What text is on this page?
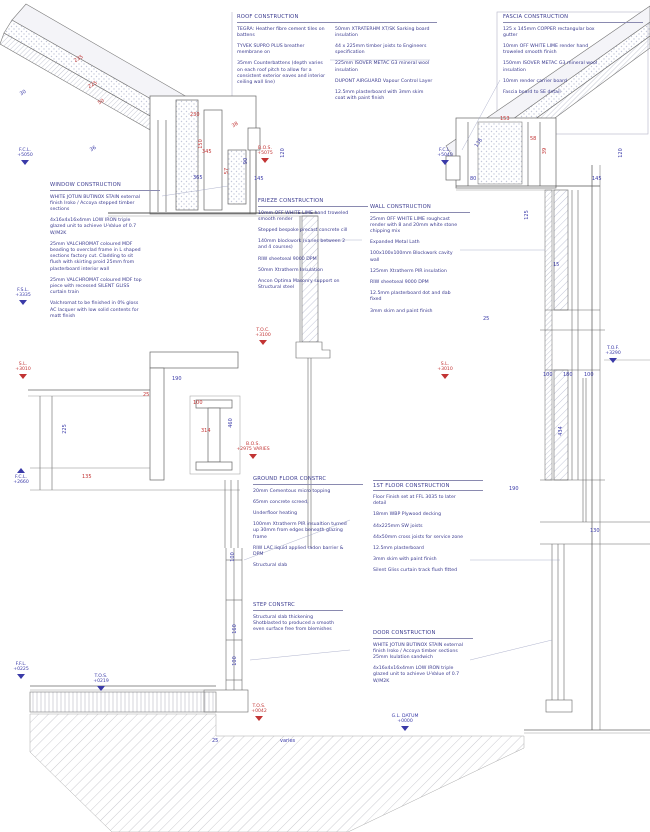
ROOF CONSTRUCTION

TEGRA: Heather fibre cement tiles on battens

TYVEK SUPRO PLUS breather membrane on

35mm Counterbattens (depth varies on each roof pitch to allow for a consistent exterior eaves and interior ceiling wall line)

50mm XTRATERHM XT/SK Sarking board insulation

44 x 225mm timber joists to Engineers specification

225mm ISOVER METAC G3 mineral wool insulation

DUPONT AIRGUARD Vapour Control Layer

12.5mm plasterboard with 3mm skim coat with paint finish

FASCIA CONSTRUCTION

125 x 145mm COPPER rectangular box gutter

10mm OFF WHITE LIME render hand troweled smooth finish

150mm ISOVER METAC G3 mineral wool insulation

10mm render carrier board

Fascia board to SE detail

WINDOW CONSTRUCTION

WHITE JOTUN BUTINOX STAIN external finish Iroko / Accoya stepped timber sections

4x16x4x16x4mm LOW IRON triple glazed unit to achieve U-Value of 0.7 W/M2K

25mm VALCHROMAT coloured MDF beading to overclad frame in L shaped sections factory cut. Cladding to sit flush with skirting proid 25mm from plasterboard interior wall

25mm VALCHROMAT coloured MDF top piece with recessed SILENT GLISS curtain train

Valchromat to be finished in 0% gloss AC lacquer with low solid contents for matt finish

FRIEZE CONSTRUCTION

10mm OFF WHITE LIME hand troweled smooth render

Stepped bespoke precast concrete cill

140mm blockwork (varies between 2 and 4 courses)

RIW sheetseal 9000 DPM

50mm Xtratherm Insulation

Ancon Optima Masonry support on Structural steel

WALL CONSTRUCTION

25mm OFF WHITE LIME roughcast render with 8 and 20mm white stone chipping mix

Expanded Metal Lath

100x100x100mm Blockwork cavity wall

125mm Xtratherm PIR insulation

RIW sheetseal 9000 DPM

12.5mm plasterboard dot and dab fixed

3mm skim and paint finish

GROUND FLOOR CONSTRC

20mm Cementous micro topping

65mm concrete screed,

Underfloor heating

100mm Xtratherm PIR insualtion turned up 30mm from edges beneath glazing frame

RIW LAC liquid applied radon barrier & DPM

Structural slab

1ST FLOOR CONSTRUCTION

Floor Finish set at FFL 3035 to later detail

18mm WBP Plywood decking

44x225mm SW joists

44x50mm cross joists for service zone

12.5mm plasterboard

3mm skim with paint finish

Silent Gliss curtain track flush fitted

STEP CONSTRC

Structural slab thickening Shotblasted to produced a smooth even surface free from blemishes

DOOR CONSTRUCTION

WHITE JOTUN BUTINOX STAIN external finish Iroko / Accoya timber sections 25mm Isulation sandwich

4x16x4x16x4mm LOW IRON triple glazed unit to achieve U-Value of 0.7 W/M2K

F.C.L.
+5050
B.O.S.
+5075
F.C.L.
+5040
F.S.L.
+3335
T.O.C.
+3100
S.L.
+3010
S.L.
+3010
T.O.F.
+3290
F.C.L.
+2660
B.O.S.
+2975 VARIES
F.F.L.
+0225
T.O.S.
+0219
T.O.S.
+0042
G.L. DATUM
+0000
235
225
50
30
36
230
150
345
57
38
90
365	145
120
153
136	58
39	120
145
125
80
15
25
100 180 100
434
190
130
190
100
314
460
225
135
25
100
160
100
25	varies
